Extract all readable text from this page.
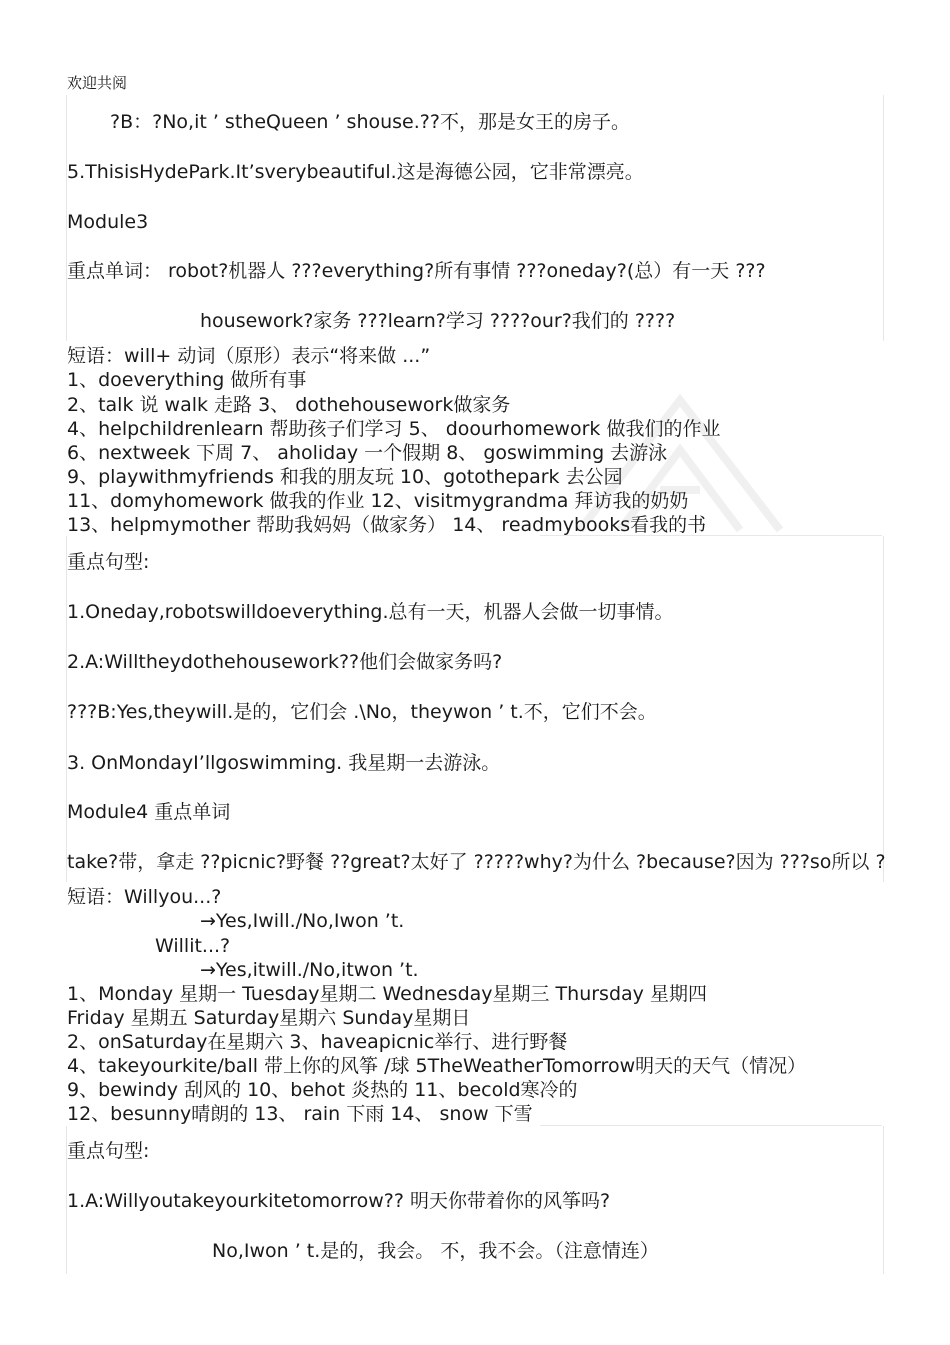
欢迎共阅
?B：?No,it ’ stheQueen ’ shouse.??不，那是女王的房子。
5.ThisisHydePark.It’sverybeautiful.这是海德公园，它非常漂亮。
Module3
重点单词： robot?机器人 ???everything?所有事情 ???oneday?(总）有一天 ???
housework?家务 ???learn?学习 ????our?我们的 ????
短语：will+ 动词（原形）表示“将来做 ...”
1、doeverything 做所有事
2、talk 说 walk 走路 3、 dothehousework做家务
4、helpchildrenlearn 帮助孩子们学习 5、 doourhomework 做我们的作业
6、nextweek 下周 7、 aholiday 一个假期 8、 goswimming 去游泳
9、playwithmyfriends 和我的朋友玩 10、gotothepark 去公园
11、domyhomework 做我的作业 12、visitmygrandma 拜访我的奶奶
13、helpmymother 帮助我妈妈（做家务） 14、 readmybooks看我的书
重点句型:
1.Oneday,robotswilldoeverything.总有一天，机器人会做一切事情。
2.A:Willtheydothehousework??他们会做家务吗?
???B:Yes,theywill.是的，它们会 .\No，theywon ’ t.不，它们不会。
3. OnMondayI’llgoswimming. 我星期一去游泳。
Module4 重点单词
take?带，拿走 ??picnic?野餐 ??great?太好了 ?????why?为什么 ?because?因为 ???so所以 ?
短语：Willyou...?
→Yes,Iwill./No,Iwon ’t.
Willit...?
→Yes,itwill./No,itwon ’t.
1、Monday 星期一 Tuesday星期二 Wednesday星期三 Thursday 星期四
Friday 星期五 Saturday星期六 Sunday星期日
2、onSaturday在星期六 3、haveapicnic举行、进行野餐
4、takeyourkite/ball 带上你的风筝 /球 5TheWeatherTomorrow明天的天气（情况）
9、bewindy 刮风的 10、behot 炎热的 11、becold寒冷的
12、besunny晴朗的 13、 rain 下雨 14、 snow 下雪
重点句型:
1.A:Willyoutakeyourkitetomorrow?? 明天你带着你的风筝吗?
No,Iwon ’ t.是的，我会。 不，我不会。（注意情连）
